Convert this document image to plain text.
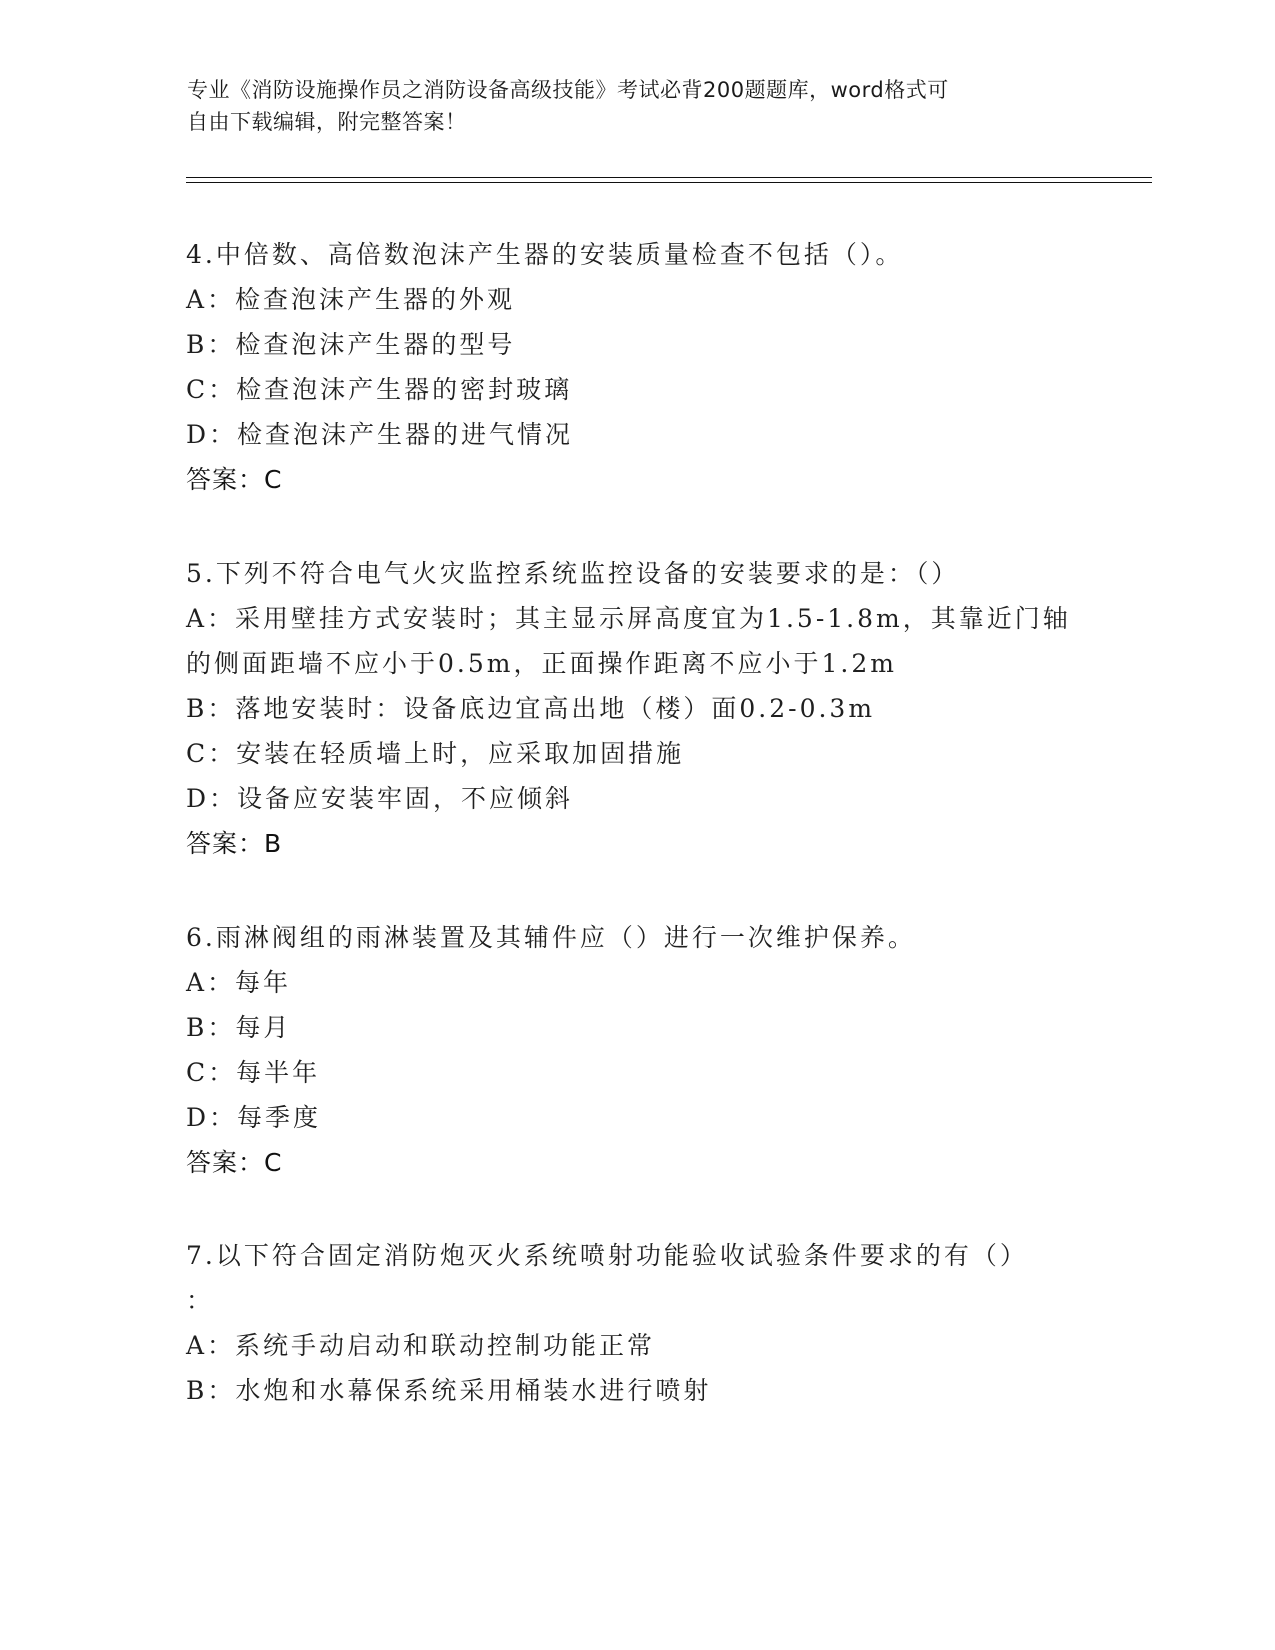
专业《消防设施操作员之消防设备高级技能》考试必背200题题库，word格式可
自由下载编辑，附完整答案！
4.中倍数、高倍数泡沫产生器的安装质量检查不包括（）。
A：检查泡沫产生器的外观
B：检查泡沫产生器的型号
C：检查泡沫产生器的密封玻璃
D：检查泡沫产生器的进气情况
答案：C
5.下列不符合电气火灾监控系统监控设备的安装要求的是：（）
A：采用壁挂方式安装时；其主显示屏高度宜为1.5-1.8m，其靠近门轴
的侧面距墙不应小于0.5m，正面操作距离不应小于1.2m
B：落地安装时：设备底边宜高出地（楼）面0.2-0.3m
C：安装在轻质墙上时，应采取加固措施
D：设备应安装牢固，不应倾斜
答案：B
6.雨淋阀组的雨淋装置及其辅件应（）进行一次维护保养。
A：每年
B：每月
C：每半年
D：每季度
答案：C
7.以下符合固定消防炮灭火系统喷射功能验收试验条件要求的有（）
：
A：系统手动启动和联动控制功能正常
B：水炮和水幕保系统采用桶装水进行喷射
